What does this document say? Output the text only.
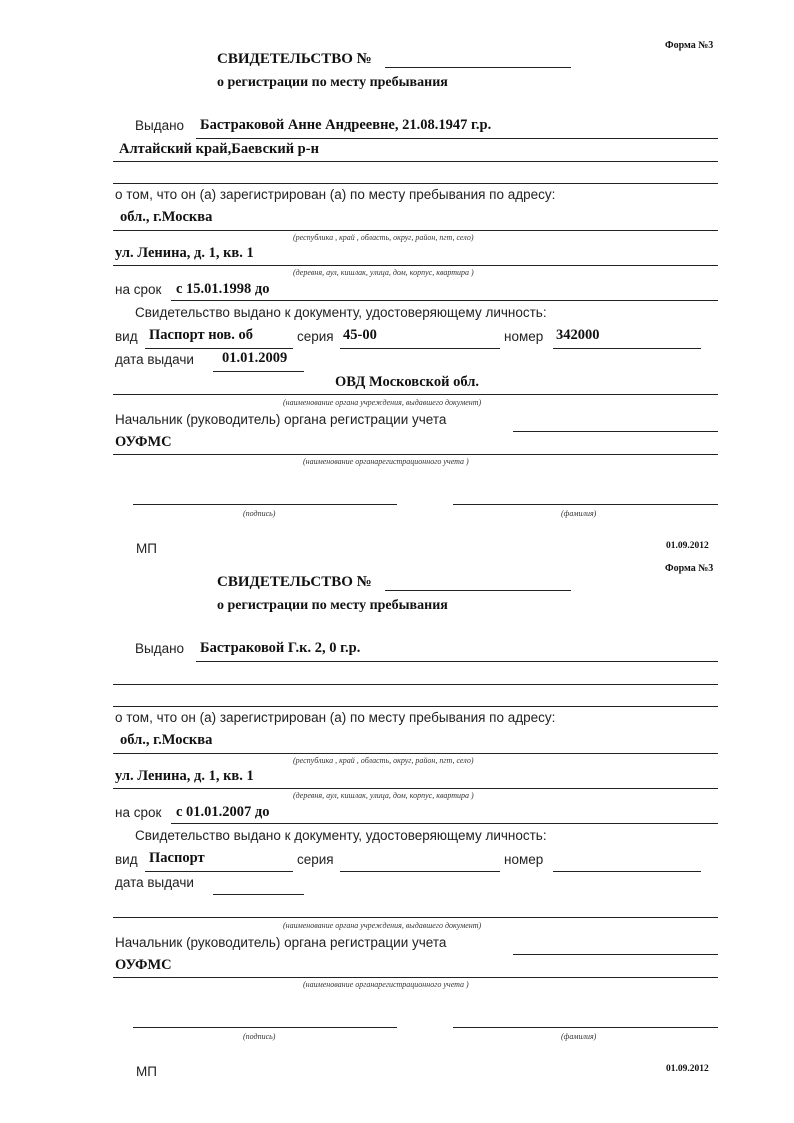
Форма №3
СВИДЕТЕЛЬСТВО №
о регистрации по месту пребывания
Выдано Бастраковой Анне Андреевне, 21.08.1947 г.р.
Алтайский край,Баевский р-н
о том, что он (а) зарегистрирован (а) по месту пребывания по адресу:
обл., г.Москва
(республика , край , область, округ, район, пгт, село)
ул. Ленина, д. 1, кв. 1
(деревня, аул, кишлак, улица, дом, корпус, квартира )
на срок с 15.01.1998 до
Свидетельство выдано к документу, удостоверяющему личность:
вид Паспорт нов. об	серия 45-00	номер 342000
дата выдачи 01.01.2009
ОВД Московской обл.
(наименование органа учреждения, выдавшего документ)
Начальник (руководитель) органа регистрации учета
ОУФМС
(наименование органарегистрационного учета )
(подпись)	(фамилия)
МП	01.09.2012
Форма №3
СВИДЕТЕЛЬСТВО №
о регистрации по месту пребывания
Выдано Бастраковой Г.к. 2, 0 г.р.
о том, что он (а) зарегистрирован (а) по месту пребывания по адресу:
обл., г.Москва
(республика , край , область, округ, район, пгт, село)
ул. Ленина, д. 1, кв. 1
(деревня, аул, кишлак, улица, дом, корпус, квартира )
на срок с 01.01.2007 до
Свидетельство выдано к документу, удостоверяющему личность:
вид Паспорт	серия	номер
дата выдачи
(наименование органа учреждения, выдавшего документ)
Начальник (руководитель) органа регистрации учета
ОУФМС
(наименование органарегистрационного учета )
(подпись)	(фамилия)
МП	01.09.2012
